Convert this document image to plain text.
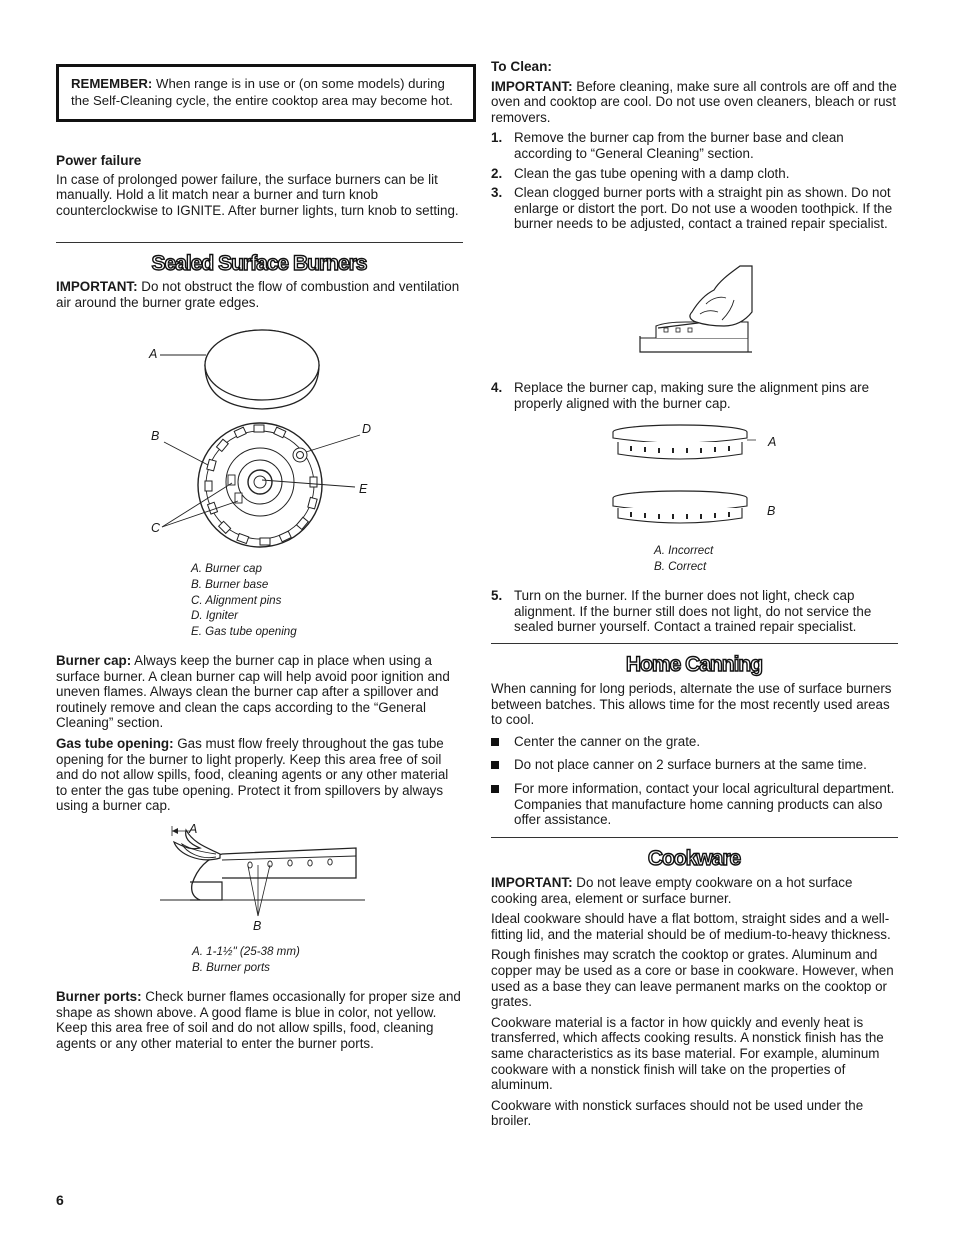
REMEMBER: When range is in use or (on some models) during the Self-Cleaning cycle, the entire cooktop area may become hot.

Power failure

In case of prolonged power failure, the surface burners can be lit manually. Hold a lit match near a burner and turn knob counterclockwise to IGNITE. After burner lights, turn knob to setting.

Sealed Surface Burners

IMPORTANT: Do not obstruct the flow of combustion and ventilation air around the burner grate edges.

A
B
C
D
E

A. Burner cap

B. Burner base

C. Alignment pins

D. Igniter

E. Gas tube opening

Burner cap: Always keep the burner cap in place when using a surface burner. A clean burner cap will help avoid poor ignition and uneven flames. Always clean the burner cap after a spillover and routinely remove and clean the caps according to the “General Cleaning” section.

Gas tube opening: Gas must flow freely throughout the gas tube opening for the burner to light properly. Keep this area free of soil and do not allow spills, food, cleaning agents or any other material to enter the gas tube opening. Protect it from spillovers by always using a burner cap.

A
B

A. 1-1½" (25-38 mm)

B. Burner ports

Burner ports: Check burner flames occasionally for proper size and shape as shown above. A good flame is blue in color, not yellow. Keep this area free of soil and do not allow spills, food, cleaning agents or any other material to enter the burner ports.

6

To Clean:

IMPORTANT: Before cleaning, make sure all controls are off and the oven and cooktop are cool. Do not use oven cleaners, bleach or rust removers.

1. Remove the burner cap from the burner base and clean according to “General Cleaning” section.
2. Clean the gas tube opening with a damp cloth.
3. Clean clogged burner ports with a straight pin as shown. Do not enlarge or distort the port. Do not use a wooden toothpick. If the burner needs to be adjusted, contact a trained repair specialist.
4. Replace the burner cap, making sure the alignment pins are properly aligned with the burner cap.
A
B

A. Incorrect

B. Correct

5. Turn on the burner. If the burner does not light, check cap alignment. If the burner still does not light, do not service the sealed burner yourself. Contact a trained repair specialist.

Home Canning

When canning for long periods, alternate the use of surface burners between batches. This allows time for the most recently used areas to cool.

Center the canner on the grate.
Do not place canner on 2 surface burners at the same time.
For more information, contact your local agricultural department. Companies that manufacture home canning products can also offer assistance.

Cookware

IMPORTANT: Do not leave empty cookware on a hot surface cooking area, element or surface burner.

Ideal cookware should have a flat bottom, straight sides and a well-fitting lid, and the material should be of medium-to-heavy thickness.

Rough finishes may scratch the cooktop or grates. Aluminum and copper may be used as a core or base in cookware. However, when used as a base they can leave permanent marks on the cooktop or grates.

Cookware material is a factor in how quickly and evenly heat is transferred, which affects cooking results. A nonstick finish has the same characteristics as its base material. For example, aluminum cookware with a nonstick finish will take on the properties of aluminum.

Cookware with nonstick surfaces should not be used under the broiler.
